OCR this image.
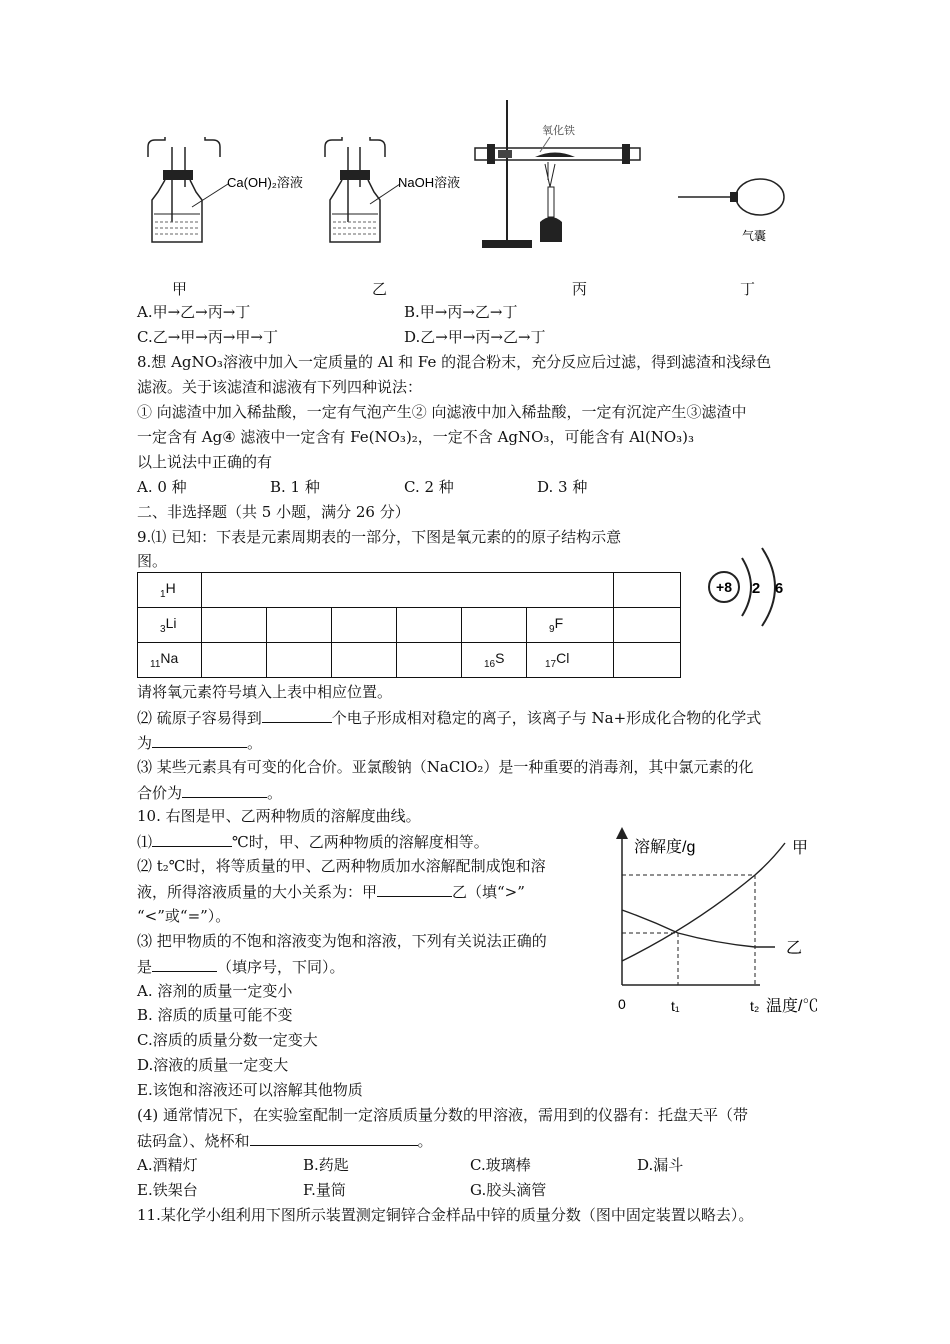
Ca(OH)₂溶液	NaOH溶液
氧化铁
气囊
甲	乙	丙	丁
A.甲→乙→丙→丁	B.甲→丙→乙→丁
C.乙→甲→丙→甲→丁	D.乙→甲→丙→乙→丁
8.想 AgNO₃溶液中加入一定质量的 Al 和 Fe 的混合粉末，充分反应后过滤，得到滤渣和浅绿色
滤液。关于该滤渣和滤液有下列四种说法：
① 向滤渣中加入稀盐酸，一定有气泡产生② 向滤液中加入稀盐酸，一定有沉淀产生③滤渣中
一定含有 Ag④ 滤液中一定含有 Fe(NO₃)₂，一定不含 AgNO₃，可能含有 Al(NO₃)₃
以上说法中正确的有
A. 0 种	B. 1 种	C. 2 种	D. 3 种
二、非选择题（共 5 小题，满分 26 分）
9.⑴ 已知：下表是元素周期表的一部分，下图是氧元素的的原子结构示意
图。
$_1$H							
$_3$Li						$_9$F	
$_{11}$Na					$_{16}$S	$_{17}$Cl	
+8 2 6
请将氧元素符号填入上表中相应位置。
⑵ 硫原子容易得到	个电子形成相对稳定的离子，该离子与 Na+形成化合物的化学式
为	。
⑶ 某些元素具有可变的化合价。亚氯酸钠（NaClO₂）是一种重要的消毒剂，其中氯元素的化
合价为	。
10. 右图是甲、乙两种物质的溶解度曲线。
⑴	℃时，甲、乙两种物质的溶解度相等。
⑵ t₂℃时，将等质量的甲、乙两种物质加水溶解配制成饱和溶
液，所得溶液质量的大小关系为：甲	乙（填“>”
“<”或“=”）。
⑶ 把甲物质的不饱和溶液变为饱和溶液，下列有关说法正确的
是	（填序号，下同）。
A. 溶剂的质量一定变小
B. 溶质的质量可能不变
C.溶质的质量分数一定变大
D.溶液的质量一定变大
E.该饱和溶液还可以溶解其他物质
(4) 通常情况下，在实验室配制一定溶质质量分数的甲溶液，需用到的仪器有：托盘天平（带
砝码盒）、烧杯和	。
A.酒精灯	B.药匙	C.玻璃棒	D.漏斗
E.铁架台	F.量筒	G.胶头滴管
11.某化学小组利用下图所示装置测定铜锌合金样品中锌的质量分数（图中固定装置以略去）。
溶解度/g
温度/℃
0	t₁	t₂
甲
乙
